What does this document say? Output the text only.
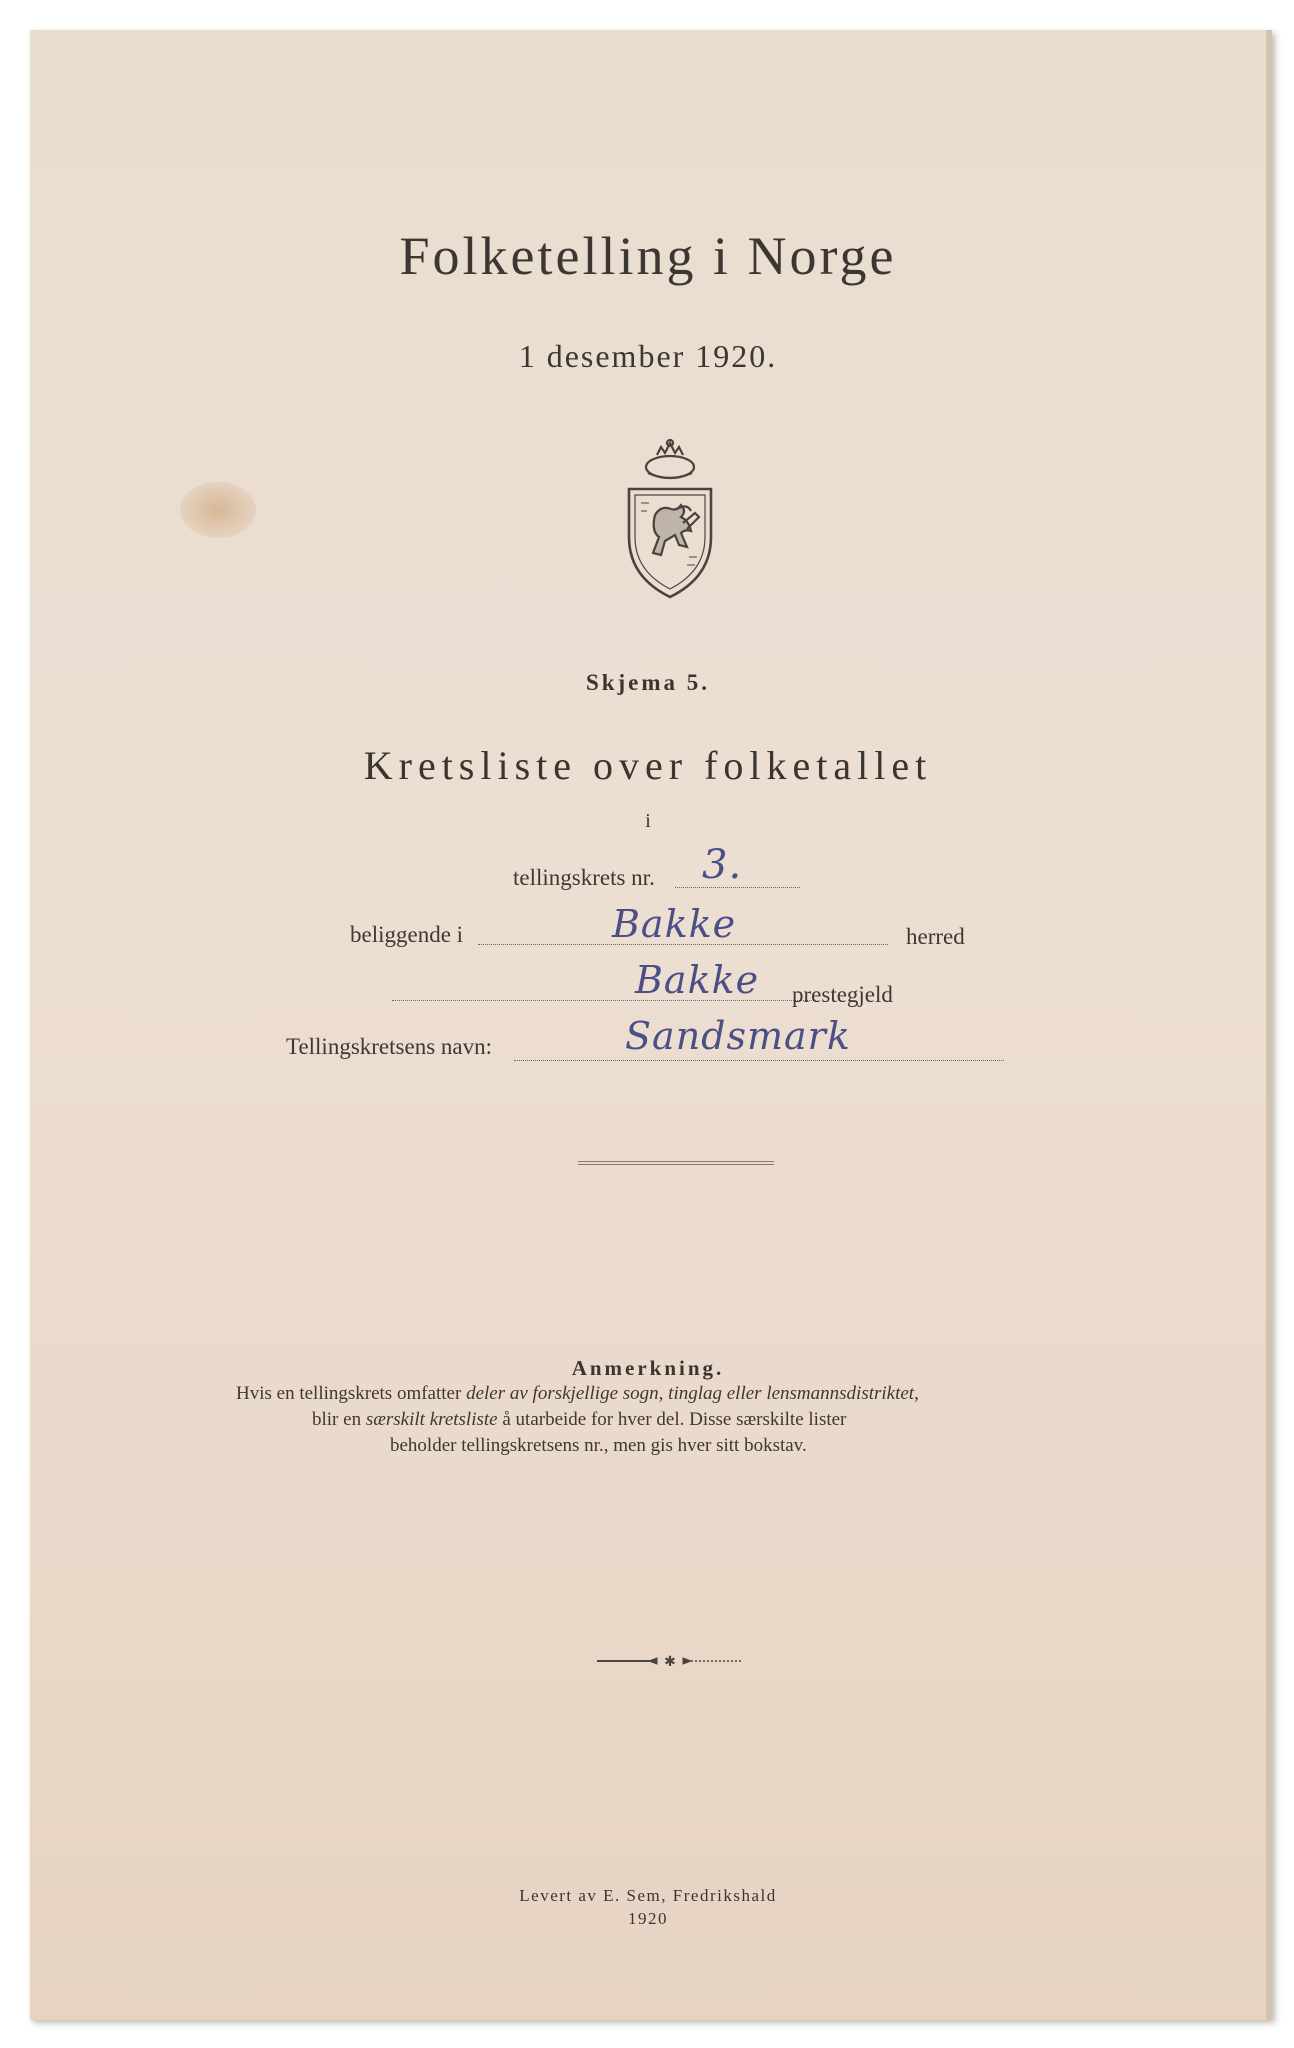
Folketelling i Norge
1 desember 1920.
Skjema 5.
Kretsliste over folketallet
i
tellingskrets nr. 3.
beliggende i	Bakke	herred
Bakke prestegjeld
Tellingskretsens navn:	Sandsmark
Anmerkning.
Hvis en tellingskrets omfatter deler av forskjellige sogn, tinglag eller lensmannsdistriktet,
blir en særskilt kretsliste å utarbeide for hver del. Disse særskilte lister
beholder tellingskretsens nr., men gis hver sitt bokstav.
✱
Levert av E. Sem, Fredrikshald
1920
